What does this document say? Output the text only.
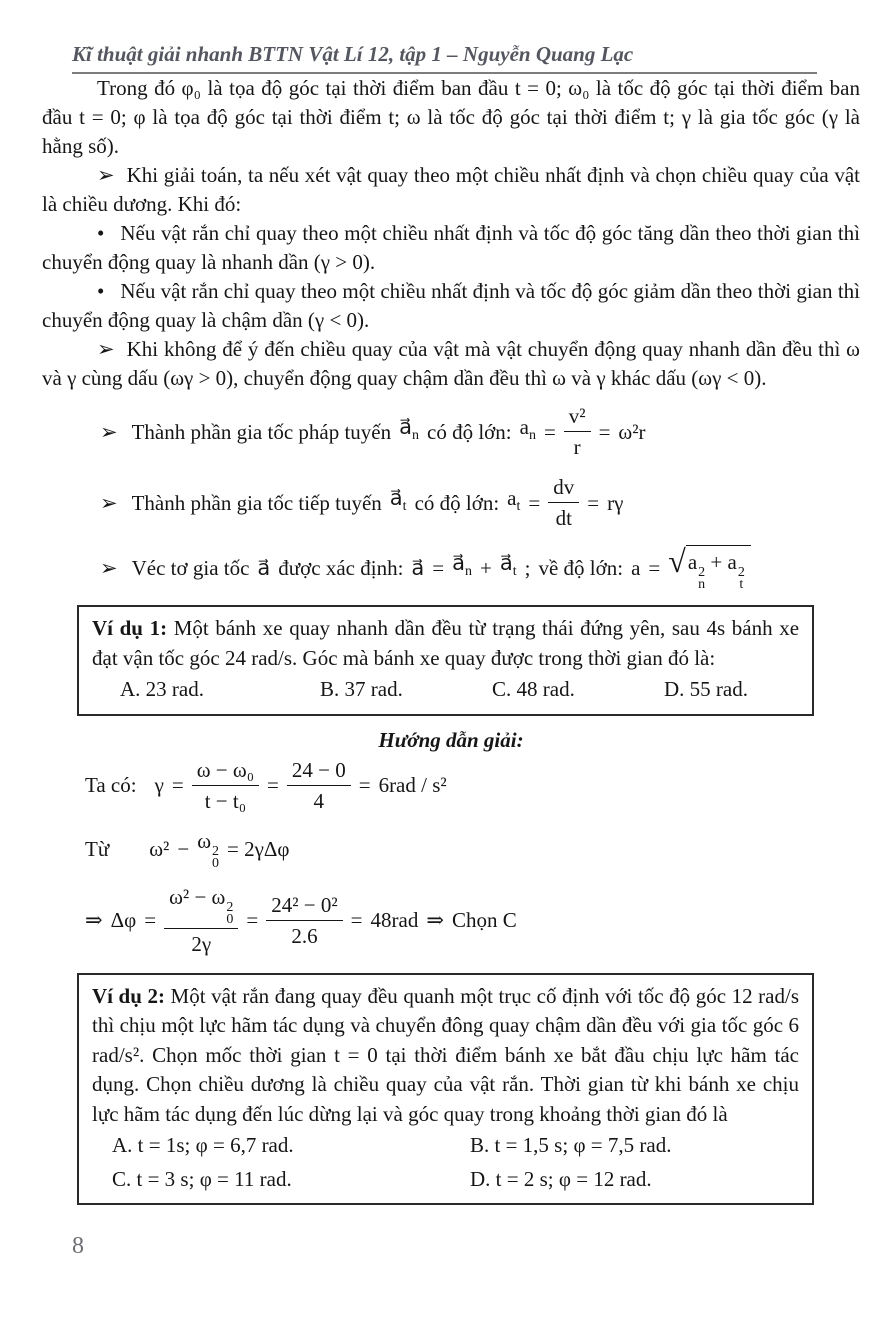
Kĩ thuật giải nhanh BTTN Vật Lí 12, tập 1 – Nguyễn Quang Lạc

Trong đó φ₀ là tọa độ góc tại thời điểm ban đầu t = 0; ω₀ là tốc độ góc tại thời điểm ban đầu t = 0; φ là tọa độ góc tại thời điểm t; ω là tốc độ góc tại thời điểm t; γ là gia tốc góc (γ là hằng số).

➢ Khi giải toán, ta nếu xét vật quay theo một chiều nhất định và chọn chiều quay của vật là chiều dương. Khi đó:

• Nếu vật rắn chỉ quay theo một chiều nhất định và tốc độ góc tăng dần theo thời gian thì chuyển động quay là nhanh dần (γ > 0).

• Nếu vật rắn chỉ quay theo một chiều nhất định và tốc độ góc giảm dần theo thời gian thì chuyển động quay là chậm dần (γ < 0).

➢ Khi không để ý đến chiều quay của vật mà vật chuyển động quay nhanh dần đều thì ω và γ cùng dấu (ωγ > 0), chuyển động quay chậm dần đều thì ω và γ khác dấu (ωγ < 0).

➢ Thành phần gia tốc pháp tuyến $a⃗_n$ có độ lớn: $a_n = \frac{\text{v²}}{r} = \omega^2r$
➢ Thành phần gia tốc tiếp tuyến $a⃗_t$ có độ lớn: $a_t = \frac{dv}{dt} = r\gamma$
➢ Véc tơ gia tốc a⃗ được xác định: a⃗ = $a⃗_n$ + $a⃗_t$ ; về độ lớn: a = √ a 2
n
+ a 2
t

Ví dụ 1: Một bánh xe quay nhanh dần đều từ trạng thái đứng yên, sau 4s bánh xe đạt vận tốc góc 24 rad/s. Góc mà bánh xe quay được trong thời gian đó là:

A. 23 rad.	B. 37 rad.	C. 48 rad.	D. 55 rad.
Hướng dẫn giải:
Ta có: $\gamma = \frac{\text{ω − ω₀}}{\text{t − t₀}} = \frac{24 - 0}{4} = 6rad / s^2$
Từ ω² − ω 2
0
= 2γΔφ
⇒ Δφ = ω² − ω 2
0
$2\gamma = \frac{\text{24² − 0²}}{2.6} = 48rad$ ⇒ Chọn C

Ví dụ 2: Một vật rắn đang quay đều quanh một trục cố định với tốc độ góc 12 rad/s thì chịu một lực hãm tác dụng và chuyển đông quay chậm dần đều với gia tốc góc 6 rad/s². Chọn mốc thời gian t = 0 tại thời điểm bánh xe bắt đầu chịu lực hãm tác dụng. Chọn chiều dương là chiều quay của vật rắn. Thời gian từ khi bánh xe chịu lực hãm tác dụng đến lúc dừng lại và góc quay trong khoảng thời gian đó là

A. t = 1s; φ = 6,7 rad.	B. t = 1,5 s; φ = 7,5 rad.
C. t = 3 s; φ = 11 rad.	D. t = 2 s; φ = 12 rad.
8
